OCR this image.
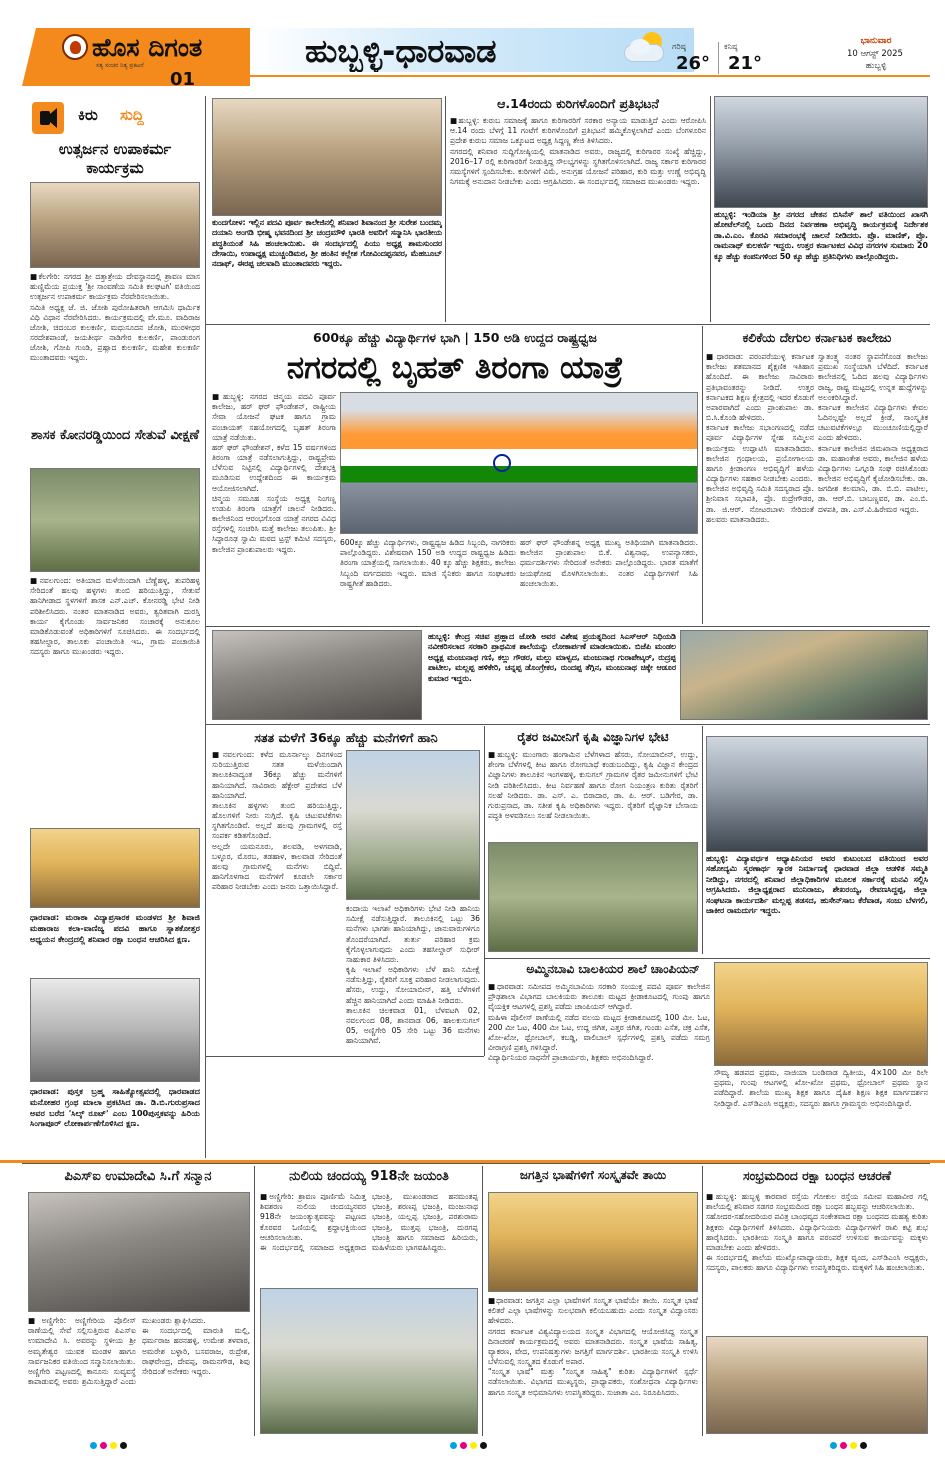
ಹೊಸ ದಿಗಂತ
ಸತ್ಯ ಸಂಚರ ನಿತ್ಯ ಪ್ರಕಟನೆ
01
ಹುಬ್ಬಳ್ಳಿ-ಧಾರವಾಡ	ಗರಿಷ್ಠ
26°
ಕನಿಷ್ಠ
21°
ಭಾನುವಾರ
10 ಆಗಸ್ಟ್ 2025
ಹುಬ್ಬಳ್ಳಿ
ಕಿರು	ಸುದ್ದಿ
ಉತ್ಸರ್ಜನ ಉಪಾಕರ್ಮ ಕಾರ್ಯಕ್ರಮ
■ಕೆಲಗೇರಿ: ನಗರದ ಶ್ರೀ ದತ್ತಾತ್ರೇಯ ದೇವಸ್ಥಾನದಲ್ಲಿ ಶ್ರಾವಣ ಮಾಸ ಹುಣ್ಣಿಮೆಯ ಪ್ರಯುಕ್ತ 'ಶ್ರೀ ಸಾಂವಣೆಯ ಸಮಿತಿ ಕಲಘಟಗಿ' ವತಿಯಿಂದ ಉತ್ಸರ್ಜನ ಉಪಾಕರ್ಮ ಕಾರ್ಯಕ್ರಮ ನೆರವೇರಿಸಲಾಯಿತು.
ಸಮಿತಿ ಅಧ್ಯಕ್ಷ ಜೆ. ಜಿ. ಜೋಶಿ ಪುರೋಹಿತರಾಗಿ ಆಗಮಿಸಿ ಧಾರ್ಮಿಕ ವಿಧಿ ವಿಧಾನ ನೆರವೇರಿಸಿದರು. ಕಾರ್ಯಕ್ರಮದಲ್ಲಿ ವೇ.ಮೂ. ವಾದಿರಾಜ ಜೋಶಿ, ಚಿದಂಬರ ಕುಲಕರ್ಣಿ, ಮಧುಸೂದನ ಜೋಶಿ, ಮುರಳೀಧರ ಸರದೇಶಪಾಂಡೆ, ಜಯತೀರ್ಥ ನಾಡಿಗೇರ ಕುಲಕರ್ಣಿ, ಪಾಂಡುರಂಗ ಜೋಶಿ, ಗೋಪಿ ಗುಂಡಿ, ಪ್ರಹ್ಲಾದ ಕುಲಕರ್ಣಿ, ಮಹೇಶ ಕುಲಕರ್ಣಿ ಮುಂತಾದವರು ಇದ್ದರು.
ಶಾಸಕ ಕೋನರಡ್ಡಿಯಿಂದ ಸೇತುವೆ ವೀಕ್ಷಣೆ
■ನವಲಗುಂದ: ಅತಿಯಾದ ಮಳೆಯಿಂದಾಗಿ ಬೆಣ್ಣೆಹಳ್ಳ, ತುಪರಿಹಳ್ಳ ಸೇರಿದಂತೆ ಹಲವು ಹಳ್ಳಗಳು ತುಂಬಿ ಹರಿಯುತ್ತಿದ್ದು, ಸೇತುವೆ ಹಾನಿಗೀಡಾದ ಸ್ಥಳಗಳಿಗೆ ಶಾಸಕ ಎನ್.ಎಚ್. ಕೋನರಡ್ಡಿ ಭೇಟಿ ನೀಡಿ ಪರಿಶೀಲಿಸಿದರು. ನಂತರ ಮಾತನಾಡಿದ ಅವರು, ತ್ವರಿತವಾಗಿ ದುರಸ್ತಿ ಕಾರ್ಯ ಕೈಗೊಂಡು ಸಾರ್ವಜನಿಕರ ಸಂಚಾರಕ್ಕೆ ಅನುಕೂಲ ಮಾಡಿಕೊಡುವಂತೆ ಅಧಿಕಾರಿಗಳಿಗೆ ಸೂಚಿಸಿದರು. ಈ ಸಂದರ್ಭದಲ್ಲಿ ತಹಸೀಲ್ದಾರ, ತಾಲೂಕು ಪಂಚಾಯಿತಿ ಇಒ, ಗ್ರಾಮ ಪಂಚಾಯಿತಿ ಸದಸ್ಯರು ಹಾಗೂ ಮುಖಂಡರು ಇದ್ದರು.
ಧಾರವಾಡ: ಮರಾಠಾ ವಿದ್ಯಾಪ್ರಸಾರಕ ಮಂಡಳದ ಶ್ರೀ ಶಿವಾಜಿ ಮಹಾರಾಜ ಕಲಾ-ವಾಣಿಜ್ಯ ಪದವಿ ಹಾಗೂ ಸ್ನಾತಕೋತ್ತರ ಅಧ್ಯಯನ ಕೇಂದ್ರದಲ್ಲಿ ಶನಿವಾರ ರಕ್ಷಾ ಬಂಧನ ಆಚರಿಸಿದ ಕ್ಷಣ.
ಧಾರವಾಡ: ಪುಸ್ತಕ ಬ್ರಹ್ಮ ಸಾಹಿತ್ಯೋತ್ಸವದಲ್ಲಿ ಧಾರವಾಡದ ಮನೋಹರ ಗ್ರಂಥ ಮಾಲಾ ಪ್ರಕಟಿಸಿದ ಡಾ. ಡಿ.ಬಿ.ಗುರುಪ್ರಸಾದ ಅವರ ಬರೆದ 'ಸಿಲ್ಕ್ ರೂಟ್' ಎಂಬ 100ಪುಸ್ತಕವನ್ನು ಹಿರಿಯ ಸಿಂಗಾಪೂರ್ ಲೋಕಾರ್ಪಣೆಗೊಳಿಸಿದ ಕ್ಷಣ.
ಕುಂದಗೋಳ: ಇಲ್ಲಿನ ಪದವಿ ಪೂರ್ವ ಕಾಲೇಜಿನಲ್ಲಿ ಶನಿವಾರ ಶಿವಾನಂದ ಶ್ರೀ ಸುರೇಶ ಬಂದಮ್ಮ ದಯಾನಿ ಅಂಗಡಿ ಭೀಷ್ಮ ಭವನದಿಂದ ಶ್ರೀ ಚಂದ್ರಮೌಳಿ ಭಾರತಿ ಅವರಿಗೆ ಸನ್ಮಾನಿಸಿ ಭಾರತೀಯ ಪದ್ಧತಿಯಂತೆ ಸಿಹಿ ಹಂಚಲಾಯಿತು. ಈ ಸಂದರ್ಭದಲ್ಲಿ ಪಿಯು ಅಧ್ಯಕ್ಷ ಶಾಮಸುಂದರ ದೇಸಾಯಿ, ಉಪಾಧ್ಯಕ್ಷ ಮುಚ್ಚಂಡಿಮಠ, ಶ್ರೀ ಹಂತಿನ ಕಲ್ಲೇಶ ಗೋವಿಂದಪ್ಪನವರ, ಮೆಹಬೂಬ್ ನದಾಫ್, ಈರಪ್ಪ ಚಲವಾದಿ ಮುಂತಾದವರು ಇದ್ದರು.
ಆ.14ರಂದು ಕುರಿಗಳೊಂದಿಗೆ ಪ್ರತಿಭಟನೆ
■ಹುಬ್ಬಳ್ಳಿ: ಕುರುಬ ಸಮಾಜಕ್ಕೆ ಹಾಗೂ ಕುರಿಗಾರರಿಗೆ ಸರಕಾರ ಅನ್ಯಾಯ ಮಾಡುತ್ತಿದೆ ಎಂದು ಆರೋಪಿಸಿ ಆ.14 ರಂದು ಬೆಳಗ್ಗೆ 11 ಗಂಟೆಗೆ ಕುರಿಗಳೊಂದಿಗೆ ಪ್ರತಿಭಟನೆ ಹಮ್ಮಿಕೊಳ್ಳಲಾಗಿದೆ ಎಂದು ಬೆಂಗಳೂರಿನ ಪ್ರದೇಶ ಕುರುಬ ಸಮಾಜ ಒಕ್ಕೂಟದ ಅಧ್ಯಕ್ಷ ಸಿದ್ದಣ್ಣ ತೇಜಿ ತಿಳಿಸಿದರು.
ನಗರದಲ್ಲಿ ಶನಿವಾರ ಸುದ್ದಿಗೋಷ್ಠಿಯಲ್ಲಿ ಮಾತನಾಡಿದ ಅವರು, ರಾಜ್ಯದಲ್ಲಿ ಕುರಿಗಾರರ ಸಂಖ್ಯೆ ಹೆಚ್ಚಿದ್ದು, 2016–17 ರಲ್ಲಿ ಕುರಿಗಾರರಿಗೆ ನೀಡುತ್ತಿದ್ದ ಸೌಲಭ್ಯಗಳನ್ನು ಸ್ಥಗಿತಗೊಳಿಸಲಾಗಿದೆ. ರಾಜ್ಯ ಸರ್ಕಾರ ಕುರಿಗಾರರ ಸಮಸ್ಯೆಗಳಿಗೆ ಸ್ಪಂದಿಸಬೇಕು. ಕುರಿಗಳಿಗೆ ವಿಮೆ, ಅನುಗ್ರಹ ಯೋಜನೆ ಪರಿಹಾರ, ಕುರಿ ಮತ್ತು ಉಣ್ಣೆ ಅಭಿವೃದ್ಧಿ ನಿಗಮಕ್ಕೆ ಅನುದಾನ ನೀಡಬೇಕು ಎಂದು ಆಗ್ರಹಿಸಿದರು. ಈ ಸಂದರ್ಭದಲ್ಲಿ ಸಮಾಜದ ಮುಖಂಡರು ಇದ್ದರು.
ಹುಬ್ಬಳ್ಳಿ: ಇಂಡಿಯಾ ಶ್ರೀ ನಗರದ ಚೇತನ ಬಿಸಿನೆಸ್ ಶಾಲೆ ವತಿಯಿಂದ ಖಾಸಗಿ ಹೋಟೆಲ್‌ನಲ್ಲಿ ಒಂದು ದಿನದ ನಿರ್ವಹಣಾ ಅಭಿವೃದ್ಧಿ ಕಾರ್ಯಕ್ರಮಕ್ಕೆ ನಿರ್ದೇಶಕ ಡಾ.ವಿ.ಎಂ. ಕೊರವಿ ಸಮಾರಂಭಕ್ಕೆ ಚಾಲನೆ ನೀಡಿದರು. ಪ್ರೊ. ಮಾಣಿಕ್, ಪ್ರೊ. ರಾಮನಾಥ್ ಕುಲಕರ್ಣಿ ಇದ್ದರು. ಉತ್ತರ ಕರ್ನಾಟಕದ ವಿವಿಧ ನಗರಗಳ ಸುಮಾರು 20 ಕ್ಕೂ ಹೆಚ್ಚು ಕಂಪನಿಗಳಿಂದ 50 ಕ್ಕೂ ಹೆಚ್ಚು ಪ್ರತಿನಿಧಿಗಳು ಪಾಲ್ಗೊಂಡಿದ್ದರು.
600ಕ್ಕೂ ಹೆಚ್ಚು ವಿದ್ಯಾರ್ಥಿಗಳ ಭಾಗಿ | 150 ಅಡಿ ಉದ್ದದ ರಾಷ್ಟ್ರಧ್ವಜ
ನಗರದಲ್ಲಿ ಬೃಹತ್ ತಿರಂಗಾ ಯಾತ್ರೆ
■ಹುಬ್ಬಳ್ಳಿ: ನಗರದ ಚಿನ್ಮಯ ಪದವಿ ಪೂರ್ವ ಕಾಲೇಜು, ಹರ್ ಘರ್ ಫೌಂಡೇಶನ್, ರಾಷ್ಟ್ರೀಯ ಸೇವಾ ಯೋಜನೆ ಘಟಕ ಹಾಗೂ ಗ್ರಾಮ ಪಂಚಾಯತ್ ಸಹಯೋಗದಲ್ಲಿ ಬೃಹತ್ ತಿರಂಗಾ ಯಾತ್ರೆ ನಡೆಯಿತು.
ಹರ್ ಘರ್ ಫೌಂಡೇಶನ್, ಕಳೆದ 15 ವರ್ಷಗಳಿಂದ ತಿರಂಗಾ ಯಾತ್ರೆ ನಡೆಸಲಾಗುತ್ತಿದ್ದು, ರಾಷ್ಟ್ರಪ್ರೇಮ ಬೆಳೆಸುವ ನಿಟ್ಟಿನಲ್ಲಿ ವಿದ್ಯಾರ್ಥಿಗಳಲ್ಲಿ ದೇಶಭಕ್ತಿ ಮೂಡಿಸುವ ಉದ್ದೇಶದಿಂದ ಈ ಕಾರ್ಯಕ್ರಮ ಆಯೋಜಿಸಲಾಗಿದೆ.
ಚಿನ್ಮಯ ಸಮೂಹ ಸಂಸ್ಥೆಯ ಅಧ್ಯಕ್ಷ ನಿಂಗಣ್ಣ ಉಡುಪಿ ತಿರಂಗಾ ಯಾತ್ರೆಗೆ ಚಾಲನೆ ನೀಡಿದರು. ಕಾಲೇಜಿನಿಂದ ಆರಂಭಗೊಂಡ ಯಾತ್ರೆ ನಗರದ ವಿವಿಧ ರಸ್ತೆಗಳಲ್ಲಿ ಸಂಚರಿಸಿ ಮತ್ತೆ ಕಾಲೇಜು ತಲುಪಿತು. ಶ್ರೀ ಸಿದ್ಧಾರೂಢ ಸ್ವಾಮಿ ಮಠದ ಟ್ರಸ್ಟ್ ಕಮಿಟಿ ಸದಸ್ಯರು, ಕಾಲೇಜಿನ ಪ್ರಾಂಶುಪಾಲರು ಇದ್ದರು.
600ಕ್ಕೂ ಹೆಚ್ಚು ವಿದ್ಯಾರ್ಥಿಗಳು, ರಾಷ್ಟ್ರಧ್ವಜ ಹಿಡಿದ ಸಿಬ್ಬಂದಿ, ನಾಗರಿಕರು ಪಾಲ್ಗೊಂಡಿದ್ದರು. ವಿಶೇಷವಾಗಿ 150 ಅಡಿ ಉದ್ದದ ರಾಷ್ಟ್ರಧ್ವಜ ಹಿಡಿದು ತಿರಂಗಾ ಯಾತ್ರೆಯಲ್ಲಿ ಸಾಗಲಾಯಿತು. 40 ಕ್ಕೂ ಹೆಚ್ಚು ಶಿಕ್ಷಕರು, ಕಾಲೇಜು ಸಿಬ್ಬಂದಿ ವರ್ಗದವರು ಇದ್ದರು. ಮಾಜಿ ಸೈನಿಕರು ಹಾಗೂ ಸಂಘಟಕರು ರಾಷ್ಟ್ರಗೀತೆ ಹಾಡಿದರು.
ಹರ್ ಘರ್ ಫೌಂಡೇಶನ್ನ ಅಧ್ಯಕ್ಷ ಮುಖ್ಯ ಅತಿಥಿಯಾಗಿ ಮಾತನಾಡಿದರು. ಕಾಲೇಜಿನ ಪ್ರಾಂಶುಪಾಲ ಬಿ.ಕೆ. ವಿಶ್ವನಾಥ, ಉಪನ್ಯಾಸಕರು, ಧರ್ಮದರ್ಶಿಗಳು ಸೇರಿದಂತೆ ಅನೇಕರು ಪಾಲ್ಗೊಂಡಿದ್ದರು. ಭಾರತ ಮಾತೆಗೆ ಜಯಘೋಷ ಮೊಳಗಿಸಲಾಯಿತು. ನಂತರ ವಿದ್ಯಾರ್ಥಿಗಳಿಗೆ ಸಿಹಿ ಹಂಚಲಾಯಿತು.
ಕಲಿಕೆಯ ದೇಗುಲ ಕರ್ನಾಟಕ ಕಾಲೇಜು
■ಧಾರವಾಡ: ಪರಂಪರೆಯುಳ್ಳ ಕರ್ನಾಟಕ ಕಾಲೇಜು ಶತಮಾನದ ಶೈಕ್ಷಣಿಕ ಇತಿಹಾಸ ಹೊಂದಿದೆ. ಈ ಕಾಲೇಜು ಸಾವಿರಾರು ಪ್ರತಿಭಾವಂತರನ್ನು ನೀಡಿದೆ. ಉತ್ತರ ಕರ್ನಾಟಕದ ಶಿಕ್ಷಣ ಕ್ಷೇತ್ರದಲ್ಲಿ ಇದರ ಕೊಡುಗೆ ಅಪಾರವಾಗಿದೆ ಎಂದು ಪ್ರಾಂಶುಪಾಲ ಡಾ. ಬಿ.ಸಿ.ಕೊಂಡಿ ಹೇಳಿದರು.
ಕರ್ನಾಟಕ ಕಾಲೇಜು ಸಭಾಂಗಣದಲ್ಲಿ ನಡೆದ ಪೂರ್ವ ವಿದ್ಯಾರ್ಥಿಗಳ ಸ್ನೇಹ ಸಮ್ಮಿಲನ ಕಾರ್ಯಕ್ರಮ ಉದ್ಘಾಟಿಸಿ ಮಾತನಾಡಿದರು. ಕಾಲೇಜಿನ ಗ್ರಂಥಾಲಯ, ಪ್ರಯೋಗಾಲಯ ಹಾಗೂ ಕ್ರೀಡಾಂಗಣ ಅಭಿವೃದ್ಧಿಗೆ ಹಳೆಯ ವಿದ್ಯಾರ್ಥಿಗಳು ಸಹಕಾರ ನೀಡಬೇಕು ಎಂದರು.
ಕಾಲೇಜಿನ ಅಭಿವೃದ್ಧಿ ಸಮಿತಿ ಸದಸ್ಯರಾದ ಪ್ರೊ. ಶ್ರೀನಿವಾಸ ಸಭಾಪತಿ, ಪ್ರೊ. ರುದ್ರೇಗೌಡರ, ಡಾ. ಜಿ.ಆರ್. ನೋಟರಬಾಳು ಸೇರಿದಂತೆ ಹಲವರು ಮಾತನಾಡಿದರು.
ಸ್ವಾತಂತ್ರ್ಯ ನಂತರ ಸ್ಥಾಪನೆಗೊಂಡ ಕಾಲೇಜು ಪ್ರಮುಖ ಸಂಸ್ಥೆಯಾಗಿ ಬೆಳೆದಿದೆ. ಕರ್ನಾಟಕ ಕಾಲೇಜಿನಲ್ಲಿ ಓದಿದ ಹಲವು ವಿದ್ಯಾರ್ಥಿಗಳು ರಾಜ್ಯ, ರಾಷ್ಟ್ರ ಮಟ್ಟದಲ್ಲಿ ಉನ್ನತ ಹುದ್ದೆಗಳನ್ನು ಅಲಂಕರಿಸಿದ್ದಾರೆ.
ಕರ್ನಾಟಕ ಕಾಲೇಜಿನ ವಿದ್ಯಾರ್ಥಿಗಳು ಕೇವಲ ಓದಿನಲ್ಲಷ್ಟೇ ಅಲ್ಲದೆ ಕ್ರೀಡೆ, ಸಾಂಸ್ಕೃತಿಕ ಚಟುವಟಿಕೆಗಳಲ್ಲೂ ಮುಂಚೂಣಿಯಲ್ಲಿದ್ದಾರೆ ಎಂದು ಹೇಳಿದರು.
ಕರ್ನಾಟಕ ಕಾಲೇಜಿನ ಜಿಮಖಾನಾ ಅಧ್ಯಕ್ಷರಾದ ಡಾ. ಮಹಾಂತೇಶ ಅವರು, ಕಾಲೇಜಿನ ಹಳೆಯ ವಿದ್ಯಾರ್ಥಿಗಳು ಒಗ್ಗೂಡಿ ಸಂಘ ರಚಿಸಿಕೊಂಡು ಕಾಲೇಜಿನ ಅಭಿವೃದ್ಧಿಗೆ ಕೈಜೋಡಿಸಬೇಕು. ಡಾ. ಜಗದೀಶ ಕಲಮಾನಿ, ಡಾ. ಬಿ.ಬಿ. ಪಾಟೀಲ, ಡಾ. ಆರ್.ಬಿ. ಬಾಬಣ್ಣವರ, ಡಾ. ಎಂ.ಬಿ. ದಳಪತಿ, ಡಾ. ಎಸ್.ವಿ.ಹಿರೇಮಠ ಇದ್ದರು.
ಹುಬ್ಬಳ್ಳಿ: ಕೇಂದ್ರ ಸಚಿವ ಪ್ರಹ್ಲಾದ ಜೋಶಿ ಅವರ ವಿಶೇಷ ಪ್ರಯತ್ನದಿಂದ ಸಿಎಸ್‌ಆರ್ ನಿಧಿಯಡಿ ನವೀಕರಿಸಲಾದ ಸರಕಾರಿ ಪ್ರಾಥಮಿಕ ಶಾಲೆಯನ್ನು ಲೋಕಾರ್ಪಣೆ ಮಾಡಲಾಯಿತು. ಬಿಜೆಪಿ ಮಂಡಲ ಅಧ್ಯಕ್ಷ ಮಂಜುನಾಥ ಗಣಿ, ಕಲ್ಲು ಗೌಡರ, ಮಲ್ಲು ಮಾಳ್ವದ, ಮಂಜುನಾಥ ಗುರಾಪೇಟ್ಕರ್, ರುದ್ರಪ್ಪ ಪಾಟೀಲ, ಮಲ್ಲಪ್ಪ ಹಳಿಕೇರಿ, ಚನ್ನಪ್ಪ ಡೊಂಗ್ರೇಕರ, ರುಂದಪ್ಪ ತೆಗ್ಗಿನ, ಮಂಜುನಾಥ ಚಿಕ್ಕೇ ಆಡೂರ ಕುಮಾರ ಇದ್ದರು.
ಸತತ ಮಳೆಗೆ 36ಕ್ಕೂ ಹೆಚ್ಚು ಮನೆಗಳಿಗೆ ಹಾನಿ
■ನವಲಗುಂದ: ಕಳೆದ ಮೂರ್ನಾಲ್ಕು ದಿನಗಳಿಂದ ಸುರಿಯುತ್ತಿರುವ ಸತತ ಮಳೆಯಿಂದಾಗಿ ತಾಲೂಕಿನಾದ್ಯಂತ 36ಕ್ಕೂ ಹೆಚ್ಚು ಮನೆಗಳಿಗೆ ಹಾನಿಯಾಗಿದೆ. ಸಾವಿರಾರು ಹೆಕ್ಟೇರ್ ಪ್ರದೇಶದ ಬೆಳೆ ಹಾನಿಯಾಗಿದೆ.
ತಾಲೂಕಿನ ಹಳ್ಳಗಳು ತುಂಬಿ ಹರಿಯುತ್ತಿದ್ದು, ಹೊಲಗಳಿಗೆ ನೀರು ನುಗ್ಗಿದೆ. ಕೃಷಿ ಚಟುವಟಿಕೆಗಳು ಸ್ಥಗಿತಗೊಂಡಿವೆ. ಅಲ್ಲದೆ ಹಲವು ಗ್ರಾಮಗಳಲ್ಲಿ ರಸ್ತೆ ಸಂಪರ್ಕ ಕಡಿತಗೊಂಡಿದೆ.
ಅಲ್ಲದೇ ಯಮನೂರು, ಶಲವಡಿ, ಅಳಗವಾಡಿ, ಬಳ್ಳೂರ, ಮೊರಬ, ತಡಹಾಳ, ಕಾಲವಾಡ ಸೇರಿದಂತೆ ಹಲವು ಗ್ರಾಮಗಳಲ್ಲಿ ಮನೆಗಳು ಬಿದ್ದಿವೆ. ಹಾನಿಗೊಳಗಾದ ಮನೆಗಳಿಗೆ ಕೂಡಲೇ ಸರ್ಕಾರ ಪರಿಹಾರ ನೀಡಬೇಕು ಎಂದು ಜನರು ಒತ್ತಾಯಿಸಿದ್ದಾರೆ.
ಕಂದಾಯ ಇಲಾಖೆ ಅಧಿಕಾರಿಗಳು ಭೇಟಿ ನೀಡಿ ಹಾನಿಯ ಸಮೀಕ್ಷೆ ನಡೆಸುತ್ತಿದ್ದಾರೆ. ತಾಲೂಕಿನಲ್ಲಿ ಒಟ್ಟು 36 ಮನೆಗಳು ಭಾಗಶಃ ಹಾನಿಯಾಗಿದ್ದು, ಜಾನುವಾರುಗಳಿಗೂ ತೊಂದರೆಯಾಗಿದೆ. ತುರ್ತು ಪರಿಹಾರ ಕ್ರಮ ಕೈಗೊಳ್ಳಲಾಗುವುದು ಎಂದು ತಹಸೀಲ್ದಾರ್ ಸುಧೀರ್ ಸಾಹುಕಾರ ತಿಳಿಸಿದರು.
ಕೃಷಿ ಇಲಾಖೆ ಅಧಿಕಾರಿಗಳು ಬೆಳೆ ಹಾನಿ ಸಮೀಕ್ಷೆ ನಡೆಸುತ್ತಿದ್ದು, ರೈತರಿಗೆ ಸೂಕ್ತ ಪರಿಹಾರ ನೀಡಲಾಗುವುದು. ಹೆಸರು, ಉದ್ದು, ಸೋಯಾಬೀನ್, ಹತ್ತಿ ಬೆಳೆಗಳಿಗೆ ಹೆಚ್ಚಿನ ಹಾನಿಯಾಗಿದೆ ಎಂದು ಮಾಹಿತಿ ನೀಡಿದರು.
ತಾಲೂಕಿನ ಚಿಲಕವಾಡ 01, ಬೆಳವಟಗಿ 02, ನವಲಗುಂದ 08, ಶಾನವಾಡ 06, ಹಾಲಕುಸುಗಲ್ 05, ಅಣ್ಣಿಗೇರಿ 05 ಸೇರಿ ಒಟ್ಟು 36 ಮನೆಗಳು ಹಾನಿಯಾಗಿವೆ.
ರೈತರ ಜಮೀನಿಗೆ ಕೃಷಿ ವಿಜ್ಞಾನಿಗಳ ಭೇಟಿ
■ಹುಬ್ಬಳ್ಳಿ: ಮುಂಗಾರು ಹಂಗಾಮಿನ ಬೆಳೆಗಳಾದ ಹೆಸರು, ಸೋಯಾಬೀನ್, ಉದ್ದು, ಶೇಂಗಾ ಬೆಳೆಗಳಲ್ಲಿ ಕೀಟ ಹಾಗೂ ರೋಗಬಾಧೆ ಕಂಡುಬಂದಿದ್ದು, ಕೃಷಿ ವಿಜ್ಞಾನ ಕೇಂದ್ರದ ವಿಜ್ಞಾನಿಗಳು ತಾಲೂಕಿನ ಇಂಗಳಹಳ್ಳಿ, ಕುಸುಗಲ್ ಗ್ರಾಮಗಳ ರೈತರ ಜಮೀನುಗಳಿಗೆ ಭೇಟಿ ನೀಡಿ ಪರಿಶೀಲಿಸಿದರು. ಕೀಟ ನಿರ್ವಹಣೆ ಹಾಗೂ ರೋಗ ನಿಯಂತ್ರಣ ಕುರಿತು ರೈತರಿಗೆ ಸಲಹೆ ನೀಡಿದರು. ಡಾ. ಎಸ್. ಎ. ಬಿರಾದಾರ, ಡಾ. ಪಿ. ಆರ್. ಬಡಿಗೇರ, ಡಾ. ಗುರುಪ್ರಸಾದ, ಡಾ. ಸತೀಶ ಕೃಷಿ ಅಧಿಕಾರಿಗಳು ಇದ್ದರು. ರೈತರಿಗೆ ವೈಜ್ಞಾನಿಕ ಬೇಸಾಯ ಪದ್ಧತಿ ಅಳವಡಿಸಲು ಸಲಹೆ ನೀಡಲಾಯಿತು.
ಹುಬ್ಬಳ್ಳಿ: ವಿದ್ಯಾವರ್ಧಕ ಆಧ್ಯಾಪಿನಿಯರ ಅವರ ಕುಟುಂಬದ ವತಿಯಿಂದ ಅವರ ಸಹೋದ್ಯಮಿ ಸ್ಮರಣಾರ್ಥ ಸ್ಮಾರಕ ನಿರ್ಮಾಣಕ್ಕೆ ಧಾರವಾಡ ಜಿಲ್ಲಾ ಆಡಳಿತ ಸಮ್ಮತಿ ನೀಡಿದ್ದು, ನಗರದಲ್ಲಿ ಶನಿವಾರ ಜಿಲ್ಲಾಧಿಕಾರಿಗಳ ಮೂಲಕ ಸರ್ಕಾರಕ್ಕೆ ಮನವಿ ಸಲ್ಲಿಸಿ ಆಗ್ರಹಿಸಿದರು. ಜಿಲ್ಲಾಧ್ಯಕ್ಷರಾದ ಮುನಿರಾಜು, ಶೇಖರಯ್ಯ, ರೇವಣಸಿದ್ದಪ್ಪ, ಜಿಲ್ಲಾ ಸಂಘಟನಾ ಕಾರ್ಯದರ್ಶಿ ಮಲ್ಲಪ್ಪ ತಡಸದ, ಹುಸೇನ್‌ಸಾಬ ಕೆರೆವಾಡ, ಸಂಜು ಬೆಳಗಲಿ, ಜಾಕೀರ ರಾಮದುರ್ಗ ಇದ್ದರು.
ಅಮ್ಮಿನಬಾವಿ ಬಾಲಕಿಯರ ಶಾಲೆ ಚಾಂಪಿಯನ್
■ಧಾರವಾಡ: ಸಮೀಪದ ಅಮ್ಮಿನಬಾವಿಯ ಸರಕಾರಿ ಸಂಯುಕ್ತ ಪದವಿ ಪೂರ್ವ ಕಾಲೇಜಿನ ಪ್ರೌಢಶಾಲಾ ವಿಭಾಗದ ಬಾಲಕಿಯರು ತಾಲೂಕು ಮಟ್ಟದ ಕ್ರೀಡಾಕೂಟದಲ್ಲಿ ಗುಂಪು ಹಾಗೂ ವೈಯಕ್ತಿಕ ಆಟಗಳಲ್ಲಿ ಪ್ರಶಸ್ತಿ ಪಡೆದು ಚಾಂಪಿಯನ್ ಆಗಿದ್ದಾರೆ.
ಮಹಿಳಾ ಪೊಲೀಸ್ ಠಾಣೆಯಲ್ಲಿ ನಡೆದ ವಲಯ ಮಟ್ಟದ ಕ್ರೀಡಾಕೂಟದಲ್ಲಿ 100 ಮೀ. ಓಟ, 200 ಮೀ ಓಟ, 400 ಮೀ ಓಟ, ಉದ್ದ ಜಿಗಿತ, ಎತ್ತರ ಜಿಗಿತ, ಗುಂಡು ಎಸೆತ, ಚಕ್ರ ಎಸೆತ, ಖೋ-ಖೋ, ಥ್ರೋಬಾಲ್, ಕಬಡ್ಡಿ, ವಾಲಿಬಾಲ್ ಸ್ಪರ್ಧೆಗಳಲ್ಲಿ ಪ್ರಶಸ್ತಿ ಪಡೆದು ಸಮಗ್ರ ವೀರಾಗ್ರಣಿ ಪ್ರಶಸ್ತಿ ಗಳಿಸಿದ್ದಾರೆ.
ವಿದ್ಯಾರ್ಥಿನಿಯರ ಸಾಧನೆಗೆ ಪ್ರಾಚಾರ್ಯರು, ಶಿಕ್ಷಕರು ಅಭಿನಂದಿಸಿದ್ದಾರೆ.
ಸೌಮ್ಯ ಹಡಪದ ಪ್ರಥಮ, ನಾಜಿಯಾ ಬಂಡಿವಾಡ ದ್ವಿತೀಯ, 4×100 ಮೀ ರಿಲೇ ಪ್ರಥಮ, ಗುಂಪು ಆಟಗಳಲ್ಲಿ ಖೋ-ಖೋ ಪ್ರಥಮ, ಥ್ರೋಬಾಲ್ ಪ್ರಥಮ ಸ್ಥಾನ ಪಡೆದಿದ್ದಾರೆ. ಶಾಲೆಯ ಮುಖ್ಯ ಶಿಕ್ಷಕ ಹಾಗೂ ದೈಹಿಕ ಶಿಕ್ಷಣ ಶಿಕ್ಷಕ ಮಾರ್ಗದರ್ಶನ ನೀಡಿದ್ದಾರೆ. ಎಸ್‌ಡಿಎಂಸಿ ಅಧ್ಯಕ್ಷರು, ಸದಸ್ಯರು ಹಾಗೂ ಗ್ರಾಮಸ್ಥರು ಅಭಿನಂದಿಸಿದ್ದಾರೆ.
ಪಿಎಸ್‌ಐ ಉಮಾದೇವಿ ಸಿ.ಗೆ ಸನ್ಮಾನ
■ಅಣ್ಣಿಗೇರಿ: ಅಣ್ಣಿಗೇರಿಯ ಪೊಲೀಸ್ ಠಾಣೆಯಲ್ಲಿ ಸೇವೆ ಸಲ್ಲಿಸುತ್ತಿರುವ ಪಿಎಸ್‌ಐ ಉಮಾದೇವಿ ಸಿ. ಅವರನ್ನು ಸ್ಥಳೀಯ ಶ್ರೀ ಅಮೃತೇಶ್ವರ ಯುವಕ ಮಂಡಳ ಹಾಗೂ ಸಾರ್ವಜನಿಕರ ವತಿಯಿಂದ ಸನ್ಮಾನಿಸಲಾಯಿತು.
ಅಣ್ಣಿಗೇರಿ ಪಟ್ಟಣದಲ್ಲಿ ಕಾನೂನು ಸುವ್ಯವಸ್ಥೆ ಕಾಪಾಡುವಲ್ಲಿ ಅವರು ಶ್ರಮಿಸುತ್ತಿದ್ದಾರೆ ಎಂದು ಮುಖಂಡರು ಶ್ಲಾಘಿಸಿದರು.
ಈ ಸಂದರ್ಭದಲ್ಲಿ ಮಾರುತಿ ಮಲ್ಲಿ, ಧರ್ಮರಾಜ ಹರನಹಳ್ಳಿ, ಉಮೇಶ ತಳವಾರ, ಅಮರೇಶ ಬಳ್ಳಾರಿ, ಬಸವರಾಜ, ರುದ್ರೇಶ, ರಾಘವೇಂದ್ರ, ದೇವಪ್ಪ, ರಾಮನಗೌಡ, ಶಿವು ಸೇರಿದಂತೆ ಅನೇಕರು ಇದ್ದರು.
ನುಲಿಯ ಚಂದಯ್ಯ 918ನೇ ಜಯಂತಿ
■ಅಣ್ಣಿಗೇರಿ: ಶ್ರಾವಣ ಪೂರ್ಣಿಮೆ ನಿಮಿತ್ತ ಶಿವಶರಣ ನುಲಿಯ ಚಂದಯ್ಯನವರ 918ನೇ ಜಯಂತ್ಯುತ್ಸವವನ್ನು ಪಟ್ಟಣದ ಕೊರವರ ಓಣಿಯಲ್ಲಿ ಶ್ರದ್ಧಾಭಕ್ತಿಯಿಂದ ಆಚರಿಸಲಾಯಿತು.
ಈ ಸಂದರ್ಭದಲ್ಲಿ ಸಮಾಜದ ಅಧ್ಯಕ್ಷರಾದ ಭಜಂತ್ರಿ, ಮುಖಂಡರಾದ ಹನಮಂತಪ್ಪ ಭಜಂತ್ರಿ, ಶರಣಪ್ಪ ಭಜಂತ್ರಿ, ಮಂಜುನಾಥ ಭಜಂತ್ರಿ, ಯಲ್ಲಪ್ಪ ಭಜಂತ್ರಿ, ಪರಶುರಾಮ ಭಜಂತ್ರಿ, ಮುತ್ತಪ್ಪ ಭಜಂತ್ರಿ, ದುರಗಪ್ಪ ಭಜಂತ್ರಿ ಹಾಗೂ ಸಮಾಜದ ಹಿರಿಯರು, ಮಹಿಳೆಯರು ಭಾಗವಹಿಸಿದ್ದರು.
ಜಗತ್ತಿನ ಭಾಷೆಗಳಿಗೆ ಸಂಸ್ಕೃತವೇ ತಾಯಿ
■ಧಾರವಾಡ: ಜಗತ್ತಿನ ಎಲ್ಲಾ ಭಾಷೆಗಳಿಗೆ ಸಂಸ್ಕೃತ ಭಾಷೆಯೇ ತಾಯಿ. ಸಂಸ್ಕೃತ ಭಾಷೆ ಕಲಿತರೆ ಎಲ್ಲಾ ಭಾಷೆಗಳನ್ನು ಸುಲಭವಾಗಿ ಕಲಿಯಬಹುದು ಎಂದು ಸಂಸ್ಕೃತ ವಿದ್ವಾಂಸರು ಹೇಳಿದರು.
ನಗರದ ಕರ್ನಾಟಕ ವಿಶ್ವವಿದ್ಯಾಲಯದ ಸಂಸ್ಕೃತ ವಿಭಾಗದಲ್ಲಿ ಆಯೋಜಿಸಿದ್ದ ಸಂಸ್ಕೃತ ದಿನಾಚರಣೆ ಕಾರ್ಯಕ್ರಮದಲ್ಲಿ ಅವರು ಮಾತನಾಡಿದರು. ಸಂಸ್ಕೃತ ಭಾಷೆಯ ಸಾಹಿತ್ಯ, ವ್ಯಾಕರಣ, ವೇದ, ಉಪನಿಷತ್ತುಗಳು ಜಗತ್ತಿಗೆ ಮಾರ್ಗದರ್ಶಿ. ಭಾರತೀಯ ಸಂಸ್ಕೃತಿ ಉಳಿಸಿ ಬೆಳೆಸುವಲ್ಲಿ ಸಂಸ್ಕೃತದ ಕೊಡುಗೆ ಅಪಾರ.
"ಸಂಸ್ಕೃತ ಭಾಷೆ" ಮತ್ತು "ಸಂಸ್ಕೃತ ಸಾಹಿತ್ಯ" ಕುರಿತು ವಿದ್ಯಾರ್ಥಿಗಳಿಗೆ ಸ್ಪರ್ಧೆ ನಡೆಸಲಾಯಿತು. ವಿಭಾಗದ ಮುಖ್ಯಸ್ಥರು, ಪ್ರಾಧ್ಯಾಪಕರು, ಸಂಶೋಧನಾ ವಿದ್ಯಾರ್ಥಿಗಳು ಹಾಗೂ ಸಂಸ್ಕೃತ ಅಭಿಮಾನಿಗಳು ಉಪಸ್ಥಿತರಿದ್ದರು. ಸುಜಾತಾ ಎಂ. ನಿರೂಪಿಸಿದರು.
ಸಂಭ್ರಮದಿಂದ ರಕ್ಷಾ ಬಂಧನ ಆಚರಣೆ
■ಹುಬ್ಬಳ್ಳಿ: ಹುಬ್ಬಳ್ಳಿ ಕಾರವಾರ ರಸ್ತೆಯ ಗೋಕುಲ ರಸ್ತೆಯ ಸಮೀಪ ಮಹಾವೀರ ಗಲ್ಲಿ ಶಾಲೆಯಲ್ಲಿ ಶನಿವಾರ ಸಡಗರ ಸಂಭ್ರಮದಿಂದ ರಕ್ಷಾ ಬಂಧನ ಹಬ್ಬವನ್ನು ಆಚರಿಸಲಾಯಿತು.
ಸಹೋದರ-ಸಹೋದರಿಯರ ಪವಿತ್ರ ಬಾಂಧವ್ಯದ ಸಂಕೇತವಾದ ರಕ್ಷಾ ಬಂಧನದ ಮಹತ್ವ ಕುರಿತು ಶಿಕ್ಷಕರು ವಿದ್ಯಾರ್ಥಿಗಳಿಗೆ ತಿಳಿಸಿದರು. ವಿದ್ಯಾರ್ಥಿನಿಯರು ವಿದ್ಯಾರ್ಥಿಗಳಿಗೆ ರಾಖಿ ಕಟ್ಟಿ ಶುಭ ಹಾರೈಸಿದರು. ಭಾರತೀಯ ಸಂಸ್ಕೃತಿ ಹಾಗೂ ಪರಂಪರೆ ಉಳಿಸುವ ಕಾರ್ಯವನ್ನು ಮಕ್ಕಳು ಮಾಡಬೇಕು ಎಂದು ಹೇಳಿದರು.
ಈ ಸಂದರ್ಭದಲ್ಲಿ ಶಾಲೆಯ ಮುಖ್ಯೋಪಾಧ್ಯಾಯರು, ಶಿಕ್ಷಕ ವೃಂದ, ಎಸ್‌ಡಿಎಂಸಿ ಅಧ್ಯಕ್ಷರು, ಸದಸ್ಯರು, ಪಾಲಕರು ಹಾಗೂ ವಿದ್ಯಾರ್ಥಿಗಳು ಉಪಸ್ಥಿತರಿದ್ದರು. ಮಕ್ಕಳಿಗೆ ಸಿಹಿ ಹಂಚಲಾಯಿತು.
